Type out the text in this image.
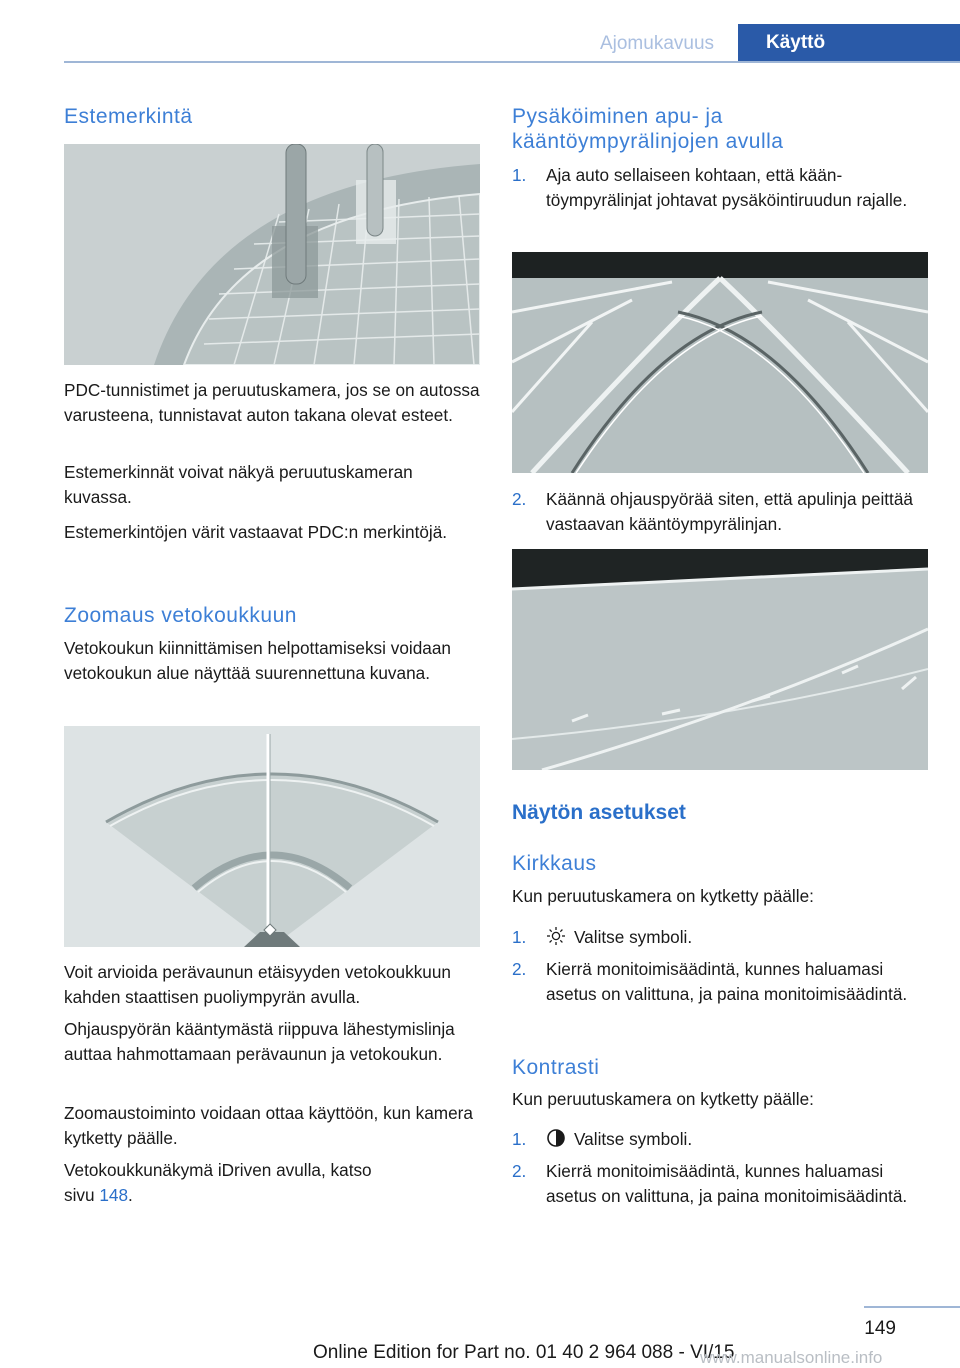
Ajomukavuus	Käyttö
Estemerkintä

PDC-tunnistimet ja peruutuskamera, jos se on autossa varusteena, tunnistavat auton takana olevat esteet.

Estemerkinnät voivat näkyä peruutuskameran kuvassa.

Estemerkintöjen värit vastaavat PDC:n merkintöjä.

Zoomaus vetokoukkuun

Vetokoukun kiinnittämisen helpottamiseksi voidaan vetokoukun alue näyttää suurennettuna kuvana.

Voit arvioida perävaunun etäisyyden vetokoukkuun kahden staattisen puoliympyrän avulla.

Ohjauspyörän kääntymästä riippuva lähestymislinja auttaa hahmottamaan perävaunun ja vetokoukun.

Zoomaustoiminto voidaan ottaa käyttöön, kun kamera kytketty päälle.

Vetokoukkunäkymä iDriven avulla, katso
sivu 148.

Pysäköiminen apu- ja kääntöympyrälinjojen avulla
1. Aja auto sellaiseen kohtaan, että kääntöympyrälinjat johtavat pysäköintiruudun rajalle.
2. Käännä ohjauspyörää siten, että apulinja peittää vastaavan kääntöympyrälinjan.
Näytön asetukset
Kirkkaus

Kun peruutuskamera on kytketty päälle:

1.	Valitse symboli.
2. Kierrä monitoimisäädintä, kunnes haluamasi asetus on valittuna, ja paina monitoimisäädintä.
Kontrasti

Kun peruutuskamera on kytketty päälle:

1.	Valitse symboli.
2. Kierrä monitoimisäädintä, kunnes haluamasi asetus on valittuna, ja paina monitoimisäädintä.
149
Online Edition for Part no. 01 40 2 964 088 - VI/15
www.manualsonline.info
